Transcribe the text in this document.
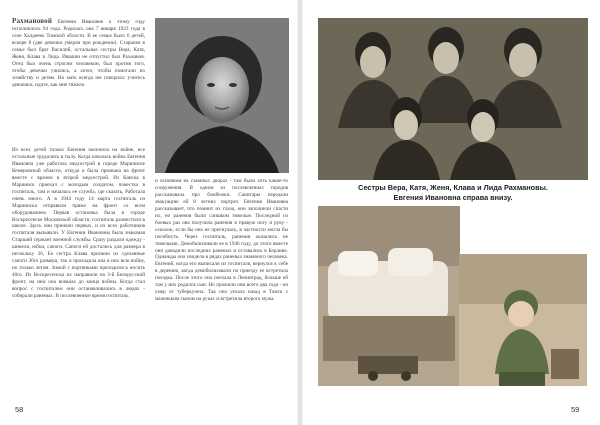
Рахмановой Евгении Ивановне к этому году исполнилось 94 года. Родилась она 7 января 1923 года в селе Халдеево Томской области. В ее семье было 6 детей, вскоре 8 (две девочки умерли при рождении). Старшим в семье был брат Василий, остальные сестры Вера, Катя, Женя, Клава и Лида. Ивашин не отпустил был Рахманов. Отец был очень строгим человеком, был против того, чтобы девочки учились, а хотел, чтобы помогали по хозяйству и детям. Но мать всегда им говорила: учитесь девчонки, идите, как мне тяжело.

Из всех детей только Евгения окончила на войне, все остальные трудились в тылу. Когда началась война Евгения Ивановна уже работала медсестрой в городе Мариинске Кемеровской области, откуда и была призвана на фронт вместе с врачом и второй медсестрой. Из Канска в Мариинск приехал с молодым солдатом, повестка в госпиталь, там и началась ее служба, где сказать, Работала очень много. А в 1944 году 14 марта госпиталь из Мариинска отправили прямо на фронт со всем оборудованием. Первая остановка была в городе Воскресенске Московской области, госпиталь разместили в школе. Здесь они приняли первых, и их всех работников госпиталя вызывали. У Евгении Ивановны была знакомая Старший сержант военной службы. Сразу раздали одежду - шинели, юбки, сапоги. Сапоги ей достались для размера в нескольку 36, Ее сестра Клава присвою из сделанные сапоги 36го размера, так и проходила она в них всю войну, но только летом. Зимой с портянками приходилось носить 40го. Из Воскресенска их направили на 3-й Белорусский фронт, на нем она воевала до конца войны. Когда стал вопрос с госпиталем они останавливались в людях - собирали раненых. В послевоенное время госпиталь

58

и основном на съемных дворах - там были хоть какие-то сооружения. В одном из послевоенных городов рассказывала про бомбежки. Санитары передали эвакуацию ей 8 летних портрет. Евгения Ивановна рассказывает, что помнит их глаза, они заполнили спасти их, но ранения были слишком тяжелые. Последний из боевых раз она получила ранения в правую ногу и руку - осколок, если бы она не пригнулась, в частности могла бы погибнуть. Через госпиталь, ранения оказались не тяжелыми. Демобилизовали ее в 1946 году, до этого вместе они доводили последних раненых и оставались в Берлине. Однажды она увидела в рядах раненых знакомого человека. Евгений, когда его выписали из госпиталя, вернулся к себе в деревню, когда демобилизовали по приезду ее встретила поездка. После этого она поехала в Ленинград, больше ей там у них родился сын. Но прожили они всего два года - он умер от туберкулеза. Так она уехала назад в Томск с маленьким сыном на руках и встретила второго мужа.

Сестры Вера, Катя, Женя, Клава и Лида Рахмановы.
Евгения Ивановна справа внизу.
59
